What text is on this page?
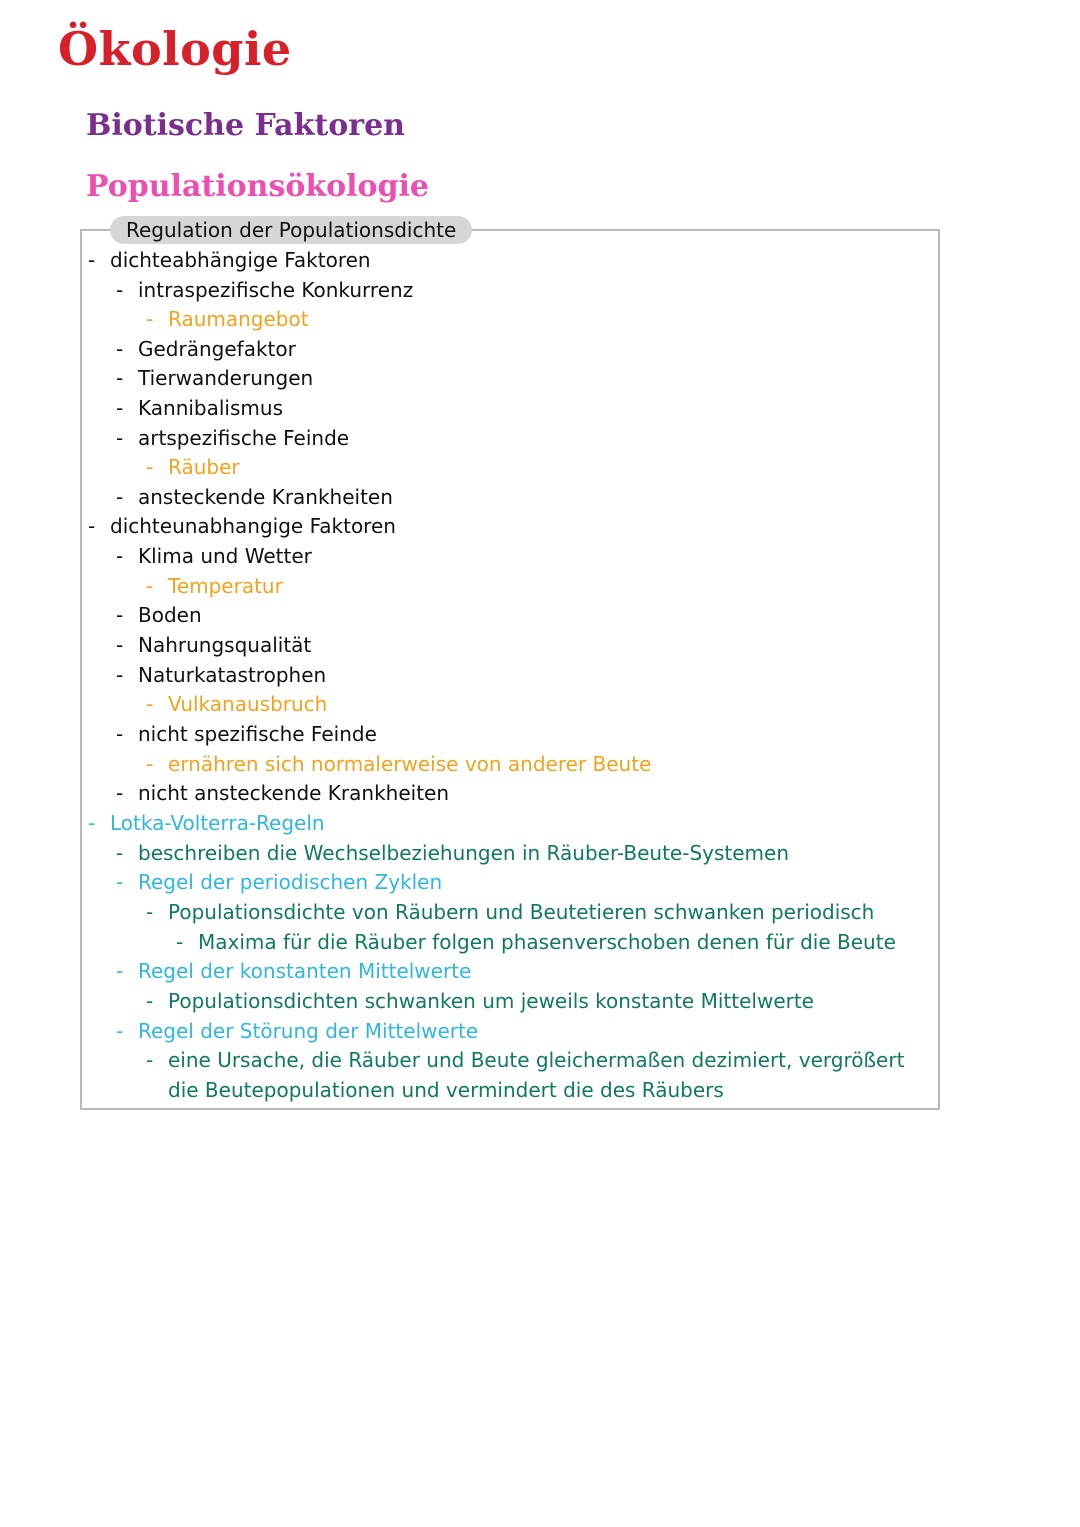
Ökologie
Biotische Faktoren
Populationsökologie
Regulation der Populationsdichte

- dichteabhängige Faktoren

- intraspezifische Konkurrenz

- Raumangebot

- Gedrängefaktor

- Tierwanderungen

- Kannibalismus

- artspezifische Feinde

- Räuber

- ansteckende Krankheiten

- dichteunabhangige Faktoren

- Klima und Wetter

- Temperatur

- Boden

- Nahrungsqualität

- Naturkatastrophen

- Vulkanausbruch

- nicht spezifische Feinde

- ernähren sich normalerweise von anderer Beute

- nicht ansteckende Krankheiten

- Lotka-Volterra-Regeln

- beschreiben die Wechselbeziehungen in Räuber-Beute-Systemen

- Regel der periodischen Zyklen

- Populationsdichte von Räubern und Beutetieren schwanken periodisch

- Maxima für die Räuber folgen phasenverschoben denen für die Beute

- Regel der konstanten Mittelwerte

- Populationsdichten schwanken um jeweils konstante Mittelwerte

- Regel der Störung der Mittelwerte

- eine Ursache, die Räuber und Beute gleichermaßen dezimiert, vergrößert

die Beutepopulationen und vermindert die des Räubers
